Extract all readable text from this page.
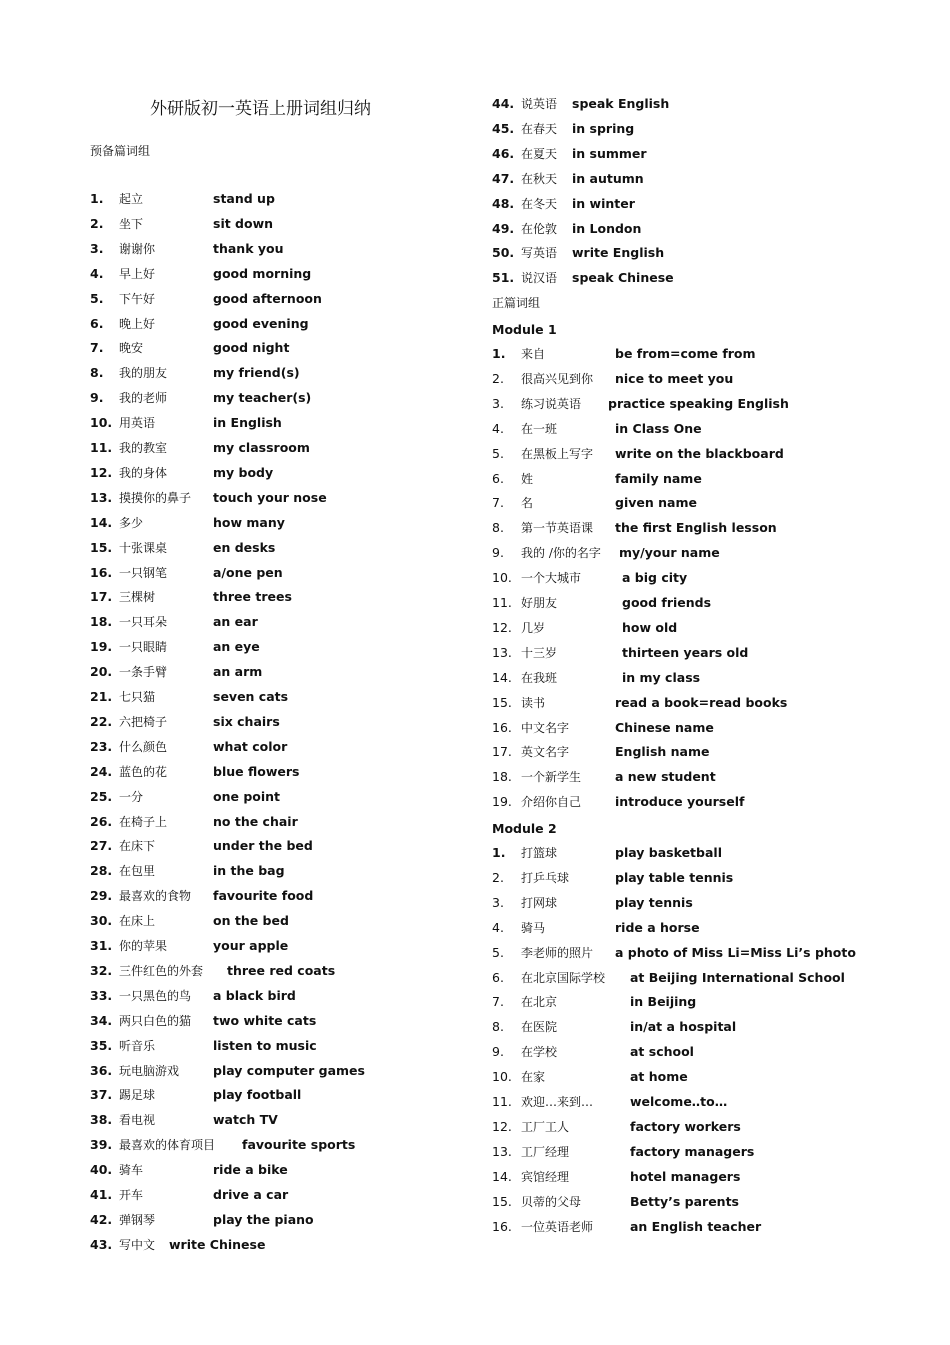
外研版初一英语上册词组归纳
预备篇词组
1. 起立	stand up
2. 坐下	sit down
3. 谢谢你	thank you
4. 早上好	good morning
5. 下午好	good afternoon
6. 晚上好	good evening
7. 晚安	good night
8. 我的朋友	my friend(s)
9. 我的老师	my teacher(s)
10. 用英语	in English
11. 我的教室	my classroom
12. 我的身体	my body
13. 摸摸你的鼻子 touch your nose
14. 多少	how many
15. 十张课桌	en desks
16. 一只钢笔	a/one pen
17. 三棵树	three trees
18. 一只耳朵	an ear
19. 一只眼睛	an eye
20. 一条手臂	an arm
21. 七只猫	seven cats
22. 六把椅子	six chairs
23. 什么颜色	what color
24. 蓝色的花	blue flowers
25. 一分	one point
26. 在椅子上	no the chair
27. 在床下	under the bed
28. 在包里	in the bag
29. 最喜欢的食物 favourite food
30. 在床上	on the bed
31. 你的苹果	your apple
32. 三件红色的外套 three red coats
33. 一只黑色的鸟 a black bird
34. 两只白色的猫 two white cats
35. 听音乐	listen to music
36. 玩电脑游戏	play computer games
37. 踢足球	play football
38. 看电视	watch TV
39. 最喜欢的体育项目 favourite sports
40. 骑车	ride a bike
41. 开车	drive a car
42. 弹钢琴	play the piano
43. 写中文 write Chinese
44. 说英语 speak English
45. 在春天 in spring
46. 在夏天 in summer
47. 在秋天 in autumn
48. 在冬天 in winter
49. 在伦敦 in London
50. 写英语 write English
51. 说汉语 speak Chinese
正篇词组
Module 1
1. 来自	be from=come from
2. 很高兴见到你 nice to meet you
3. 练习说英语 practice speaking English
4. 在一班	in Class One
5. 在黑板上写字 write on the blackboard
6. 姓	family name
7. 名	given name
8. 第一节英语课 the first English lesson
9. 我的 /你的名字 my/your name
10. 一个大城市	a big city
11. 好朋友	good friends
12. 几岁	how old
13. 十三岁	thirteen years old
14. 在我班	in my class
15. 读书	read a book=read books
16. 中文名字	Chinese name
17. 英文名字	English name
18. 一个新学生	a new student
19. 介绍你自己	introduce yourself
Module 2
1. 打篮球	play basketball
2. 打乒乓球	play table tennis
3. 打网球	play tennis
4. 骑马	ride a horse
5. 李老师的照片 a photo of Miss Li=Miss Li’s photo
6. 在北京国际学校 at Beijing International School
7. 在北京	in Beijing
8. 在医院	in/at a hospital
9. 在学校	at school
10. 在家	at home
11. 欢迎…来到…	welcome‥to…
12. 工厂工人	factory workers
13. 工厂经理	factory managers
14. 宾馆经理	hotel managers
15. 贝蒂的父母	Betty’s parents
16. 一位英语老师	an English teacher
